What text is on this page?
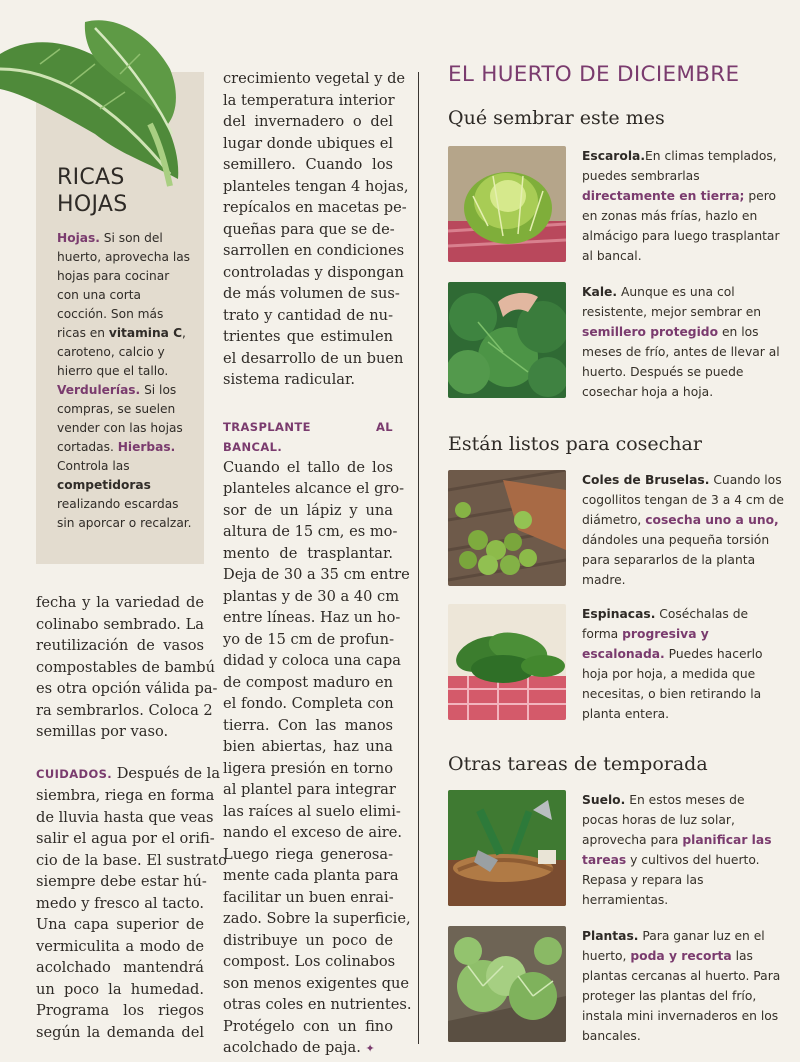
RICAS
HOJAS
Hojas. Si son del huerto, aprovecha las hojas para cocinar con una corta cocción. Son más ricas en vitamina C, caroteno, calcio y hierro que el tallo. Verdulerías. Si los compras, se suelen vender con las hojas cortadas. Hierbas. Controla las competidoras realizando escardas sin aporcar o recalzar.
fecha y la variedad de
colinabo sembrado. La
reutilización de vasos
compostables de bambú
es otra opción válida pa-
ra sembrarlos. Coloca 2
semillas por vaso.
CUIDADOS. Después de la
siembra, riega en forma
de lluvia hasta que veas
salir el agua por el orifi-
cio de la base. El sustrato
siempre debe estar hú-
medo y fresco al tacto.
Una capa superior de
vermiculita a modo de
acolchado mantendrá
un poco la humedad.
Programa los riegos
según la demanda del
crecimiento vegetal y de
la temperatura interior
del invernadero o del
lugar donde ubiques el
semillero. Cuando los
planteles tengan 4 hojas,
repícalos en macetas pe-
queñas para que se de-
sarrollen en condiciones
controladas y dispongan
de más volumen de sus-
trato y cantidad de nu-
trientes que estimulen
el desarrollo de un buen
sistema radicular.
TRASPLANTE AL BANCAL.
Cuando el tallo de los
planteles alcance el gro-
sor de un lápiz y una
altura de 15 cm, es mo-
mento de trasplantar.
Deja de 30 a 35 cm entre
plantas y de 30 a 40 cm
entre líneas. Haz un ho-
yo de 15 cm de profun-
didad y coloca una capa
de compost maduro en
el fondo. Completa con
tierra. Con las manos
bien abiertas, haz una
ligera presión en torno
al plantel para integrar
las raíces al suelo elimi-
nando el exceso de aire.
Luego riega generosa-
mente cada planta para
facilitar un buen enrai-
zado. Sobre la superficie,
distribuye un poco de
compost. Los colinabos
son menos exigentes que
otras coles en nutrientes.
Protégelo con un fino
acolchado de paja. ✦
EL HUERTO DE DICIEMBRE
Qué sembrar este mes
Están listos para cosechar
Otras tareas de temporada
Escarola.En climas templados, puedes sembrarlas directamente en tierra; pero en zonas más frías, hazlo en almácigo para luego trasplantar al bancal.
Kale. Aunque es una col resistente, mejor sembrar en semillero protegido en los meses de frío, antes de llevar al huerto. Después se puede cosechar hoja a hoja.
Coles de Bruselas. Cuando los cogollitos tengan de 3 a 4 cm de diámetro, cosecha uno a uno, dándoles una pequeña torsión para separarlos de la planta madre.
Espinacas. Coséchalas de forma progresiva y escalonada. Puedes hacerlo hoja por hoja, a medida que necesitas, o bien retirando la planta entera.
Suelo. En estos meses de pocas horas de luz solar, aprovecha para planificar las tareas y cultivos del huerto. Repasa y repara las herramientas.
Plantas. Para ganar luz en el huerto, poda y recorta las plantas cercanas al huerto. Para proteger las plantas del frío, instala mini invernaderos en los bancales.
